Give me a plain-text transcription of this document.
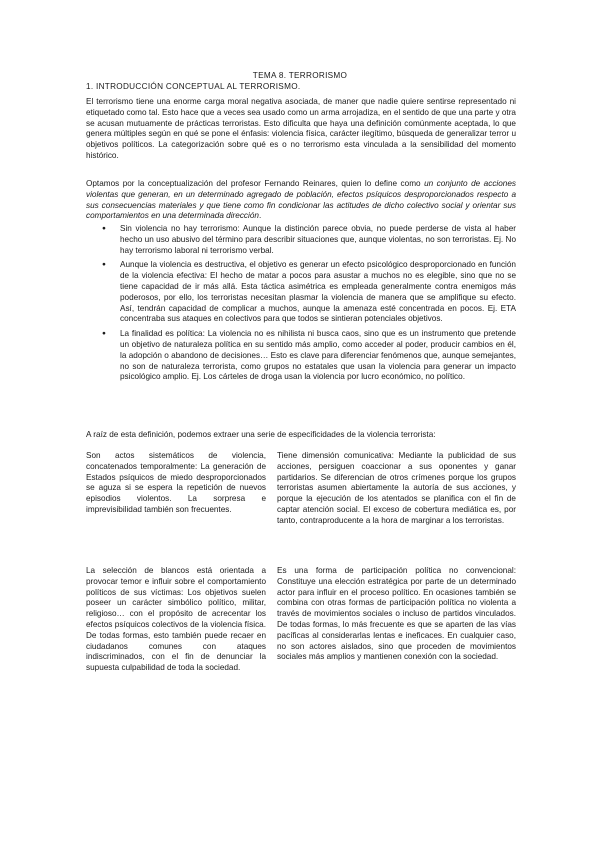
TEMA 8. TERRORISMO
1. INTRODUCCIÓN CONCEPTUAL AL TERRORISMO.

El terrorismo tiene una enorme carga moral negativa asociada, de maner que nadie quiere sentirse representado ni etiquetado como tal. Esto hace que a veces sea usado como un arma arrojadiza, en el sentido de que una parte y otra se acusan mutuamente de prácticas terroristas. Esto dificulta que haya una definición comúnmente aceptada, lo que genera múltiples según en qué se pone el énfasis: violencia física, carácter ilegítimo, búsqueda de generalizar terror u objetivos políticos. La categorización sobre qué es o no terrorismo esta vinculada a la sensibilidad del momento histórico.

Optamos por la conceptualización del profesor Fernando Reinares, quien lo define como un conjunto de acciones violentas que generan, en un determinado agregado de población, efectos psíquicos desproporcionados respecto a sus consecuencias materiales y que tiene como fin condicionar las actitudes de dicho colectivo social y orientar sus comportamientos en una determinada dirección.

● Sin violencia no hay terrorismo: Aunque la distinción parece obvia, no puede perderse de vista al haber hecho un uso abusivo del término para describir situaciones que, aunque violentas, no son terroristas. Ej. No hay terrorismo laboral ni terrorismo verbal.
● Aunque la violencia es destructiva, el objetivo es generar un efecto psicológico desproporcionado en función de la violencia efectiva: El hecho de matar a pocos para asustar a muchos no es elegible, sino que no se tiene capacidad de ir más allá. Esta táctica asimétrica es empleada generalmente contra enemigos más poderosos, por ello, los terroristas necesitan plasmar la violencia de manera que se amplifique su efecto. Así, tendrán capacidad de complicar a muchos, aunque la amenaza esté concentrada en pocos. Ej. ETA concentraba sus ataques en colectivos para que todos se sintieran potenciales objetivos.
● La finalidad es política: La violencia no es nihilista ni busca caos, sino que es un instrumento que pretende un objetivo de naturaleza política en su sentido más amplio, como acceder al poder, producir cambios en él, la adopción o abandono de decisiones… Esto es clave para diferenciar fenómenos que, aunque semejantes, no son de naturaleza terrorista, como grupos no estatales que usan la violencia para generar un impacto psicológico amplio. Ej. Los cárteles de droga usan la violencia por lucro económico, no político.

A raíz de esta definición, podemos extraer una serie de especificidades de la violencia terrorista:

Son actos sistemáticos de violencia, concatenados temporalmente: La generación de Estados psíquicos de miedo desproporcionados se aguza si se espera la repetición de nuevos episodios violentos. La sorpresa e imprevisibilidad también son frecuentes.
Tiene dimensión comunicativa: Mediante la publicidad de sus acciones, persiguen coaccionar a sus oponentes y ganar partidarios. Se diferencian de otros crímenes porque los grupos terroristas asumen abiertamente la autoría de sus acciones, y porque la ejecución de los atentados se planifica con el fin de captar atención social. El exceso de cobertura mediática es, por tanto, contraproducente a la hora de marginar a los terroristas.
La selección de blancos está orientada a provocar temor e influir sobre el comportamiento políticos de sus víctimas: Los objetivos suelen poseer un carácter simbólico político, militar, religioso… con el propósito de acrecentar los efectos psíquicos colectivos de la violencia física. De todas formas, esto también puede recaer en ciudadanos comunes con ataques indiscriminados, con el fin de denunciar la supuesta culpabilidad de toda la sociedad.
Es una forma de participación política no convencional: Constituye una elección estratégica por parte de un determinado actor para influir en el proceso político. En ocasiones también se combina con otras formas de participación política no violenta a través de movimientos sociales o incluso de partidos vinculados. De todas formas, lo más frecuente es que se aparten de las vías pacíficas al considerarlas lentas e ineficaces. En cualquier caso, no son actores aislados, sino que proceden de movimientos sociales más amplios y mantienen conexión con la sociedad.
